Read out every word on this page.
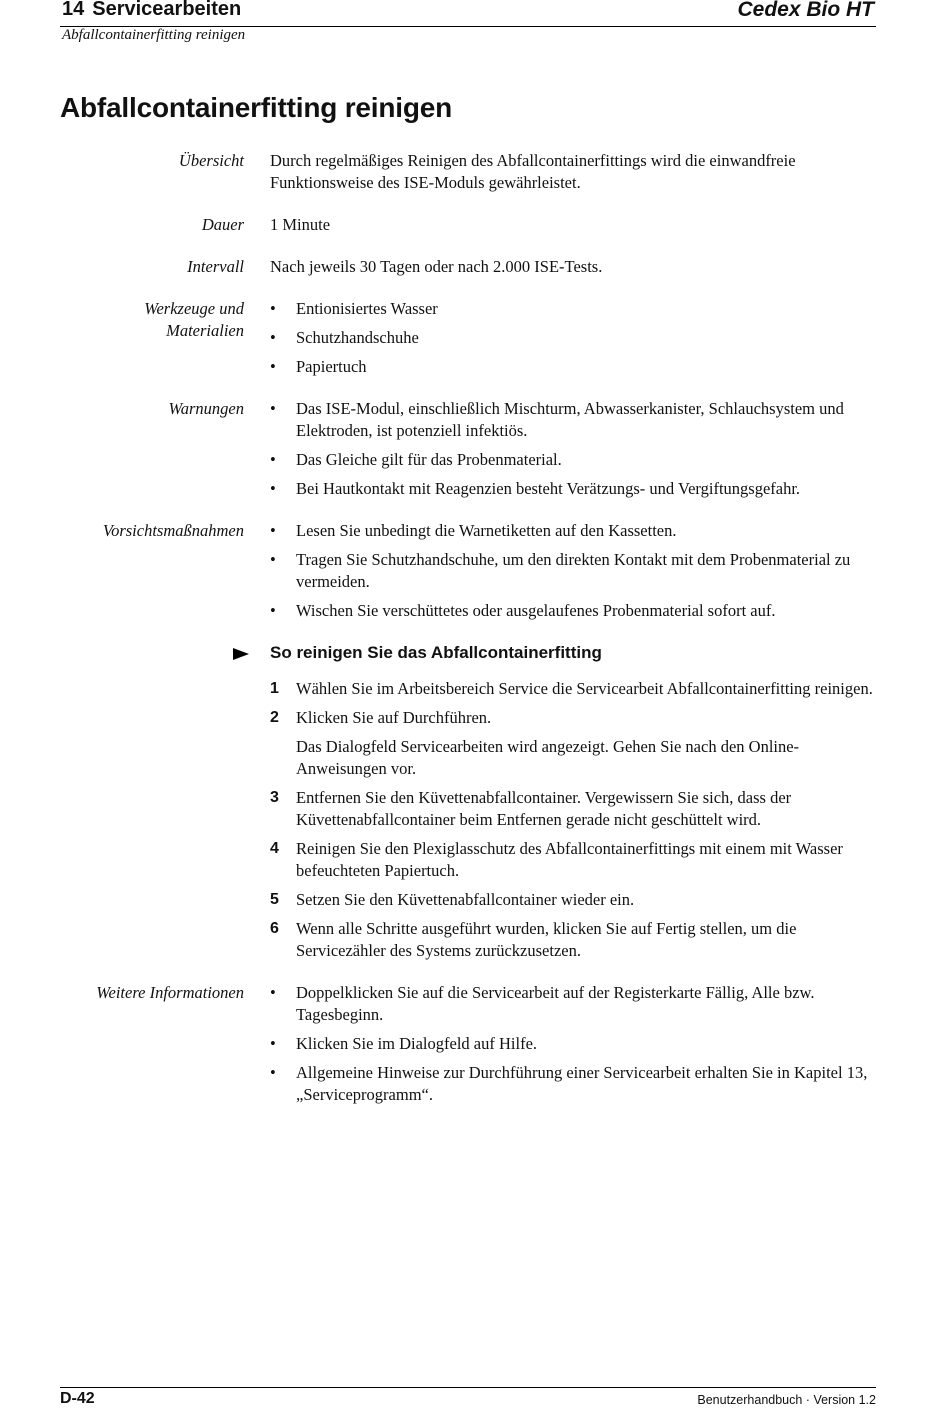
14 Servicearbeiten	Cedex Bio HT
Abfallcontainerfitting reinigen
Abfallcontainerfitting reinigen
Übersicht Durch regelmäßiges Reinigen des Abfallcontainerfittings wird die einwandfreie Funktionsweise des ISE-Moduls gewährleistet.

Dauer 1 Minute

Intervall Nach jeweils 30 Tagen oder nach 2.000 ISE-Tests.

Werkzeuge und
Materialien
• Entionisiertes Wasser
• Schutzhandschuhe
• Papiertuch
Warnungen • Das ISE-Modul, einschließlich Mischturm, Abwasserkanister, Schlauchsystem und Elektroden, ist potenziell infektiös.
• Das Gleiche gilt für das Probenmaterial.
• Bei Hautkontakt mit Reagenzien besteht Verätzungs- und Vergiftungsgefahr.
Vorsichtsmaßnahmen • Lesen Sie unbedingt die Warnetiketten auf den Kassetten.
• Tragen Sie Schutzhandschuhe, um den direkten Kontakt mit dem Probenmaterial zu vermeiden.
• Wischen Sie verschüttetes oder ausgelaufenes Probenmaterial sofort auf.
So reinigen Sie das Abfallcontainerfitting
1 Wählen Sie im Arbeitsbereich Service die Servicearbeit Abfallcontainerfitting reinigen.

2 Klicken Sie auf Durchführen.

Das Dialogfeld Servicearbeiten wird angezeigt. Gehen Sie nach den Online-Anweisungen vor.

3 Entfernen Sie den Küvettenabfallcontainer. Vergewissern Sie sich, dass der Küvettenabfallcontainer beim Entfernen gerade nicht geschüttelt wird.

4 Reinigen Sie den Plexiglasschutz des Abfallcontainerfittings mit einem mit Wasser befeuchteten Papiertuch.

5 Setzen Sie den Küvettenabfallcontainer wieder ein.

6 Wenn alle Schritte ausgeführt wurden, klicken Sie auf Fertig stellen, um die Servicezähler des Systems zurückzusetzen.

Weitere Informationen • Doppelklicken Sie auf die Servicearbeit auf der Registerkarte Fällig, Alle bzw. Tagesbeginn.
• Klicken Sie im Dialogfeld auf Hilfe.
• Allgemeine Hinweise zur Durchführung einer Servicearbeit erhalten Sie in Kapitel 13, „Serviceprogramm“.
D-42	Benutzerhandbuch · Version 1.2
